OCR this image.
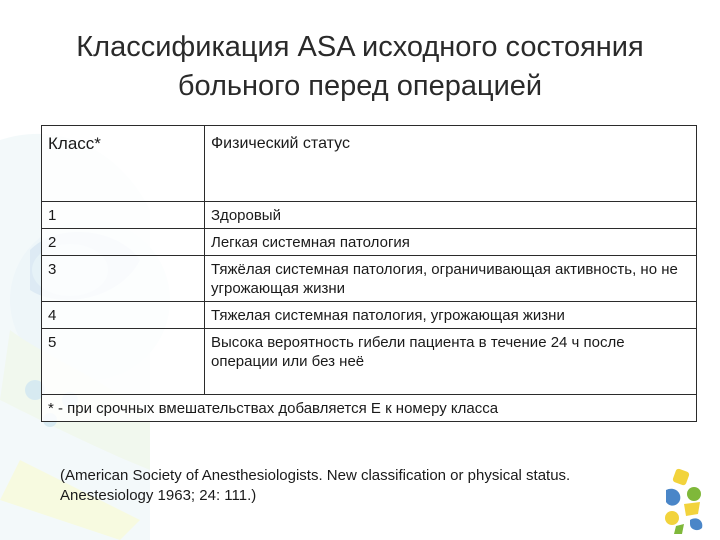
Классификация ASA исходного состояния
больного перед операцией
Класс*	Физический статус
1	Здоровый
2	Легкая системная патология
3	Тяжёлая системная патология, ограничивающая активность, но не угрожающая жизни
4	Тяжелая системная патология, угрожающая жизни
5	Высока вероятность гибели пациента в течение 24 ч после операции или без неё
* - при срочных вмешательствах добавляется E к номеру класса	
(American Society of Anesthesiologists. New classification or physical status. Anestesiology 1963; 24: 111.)
